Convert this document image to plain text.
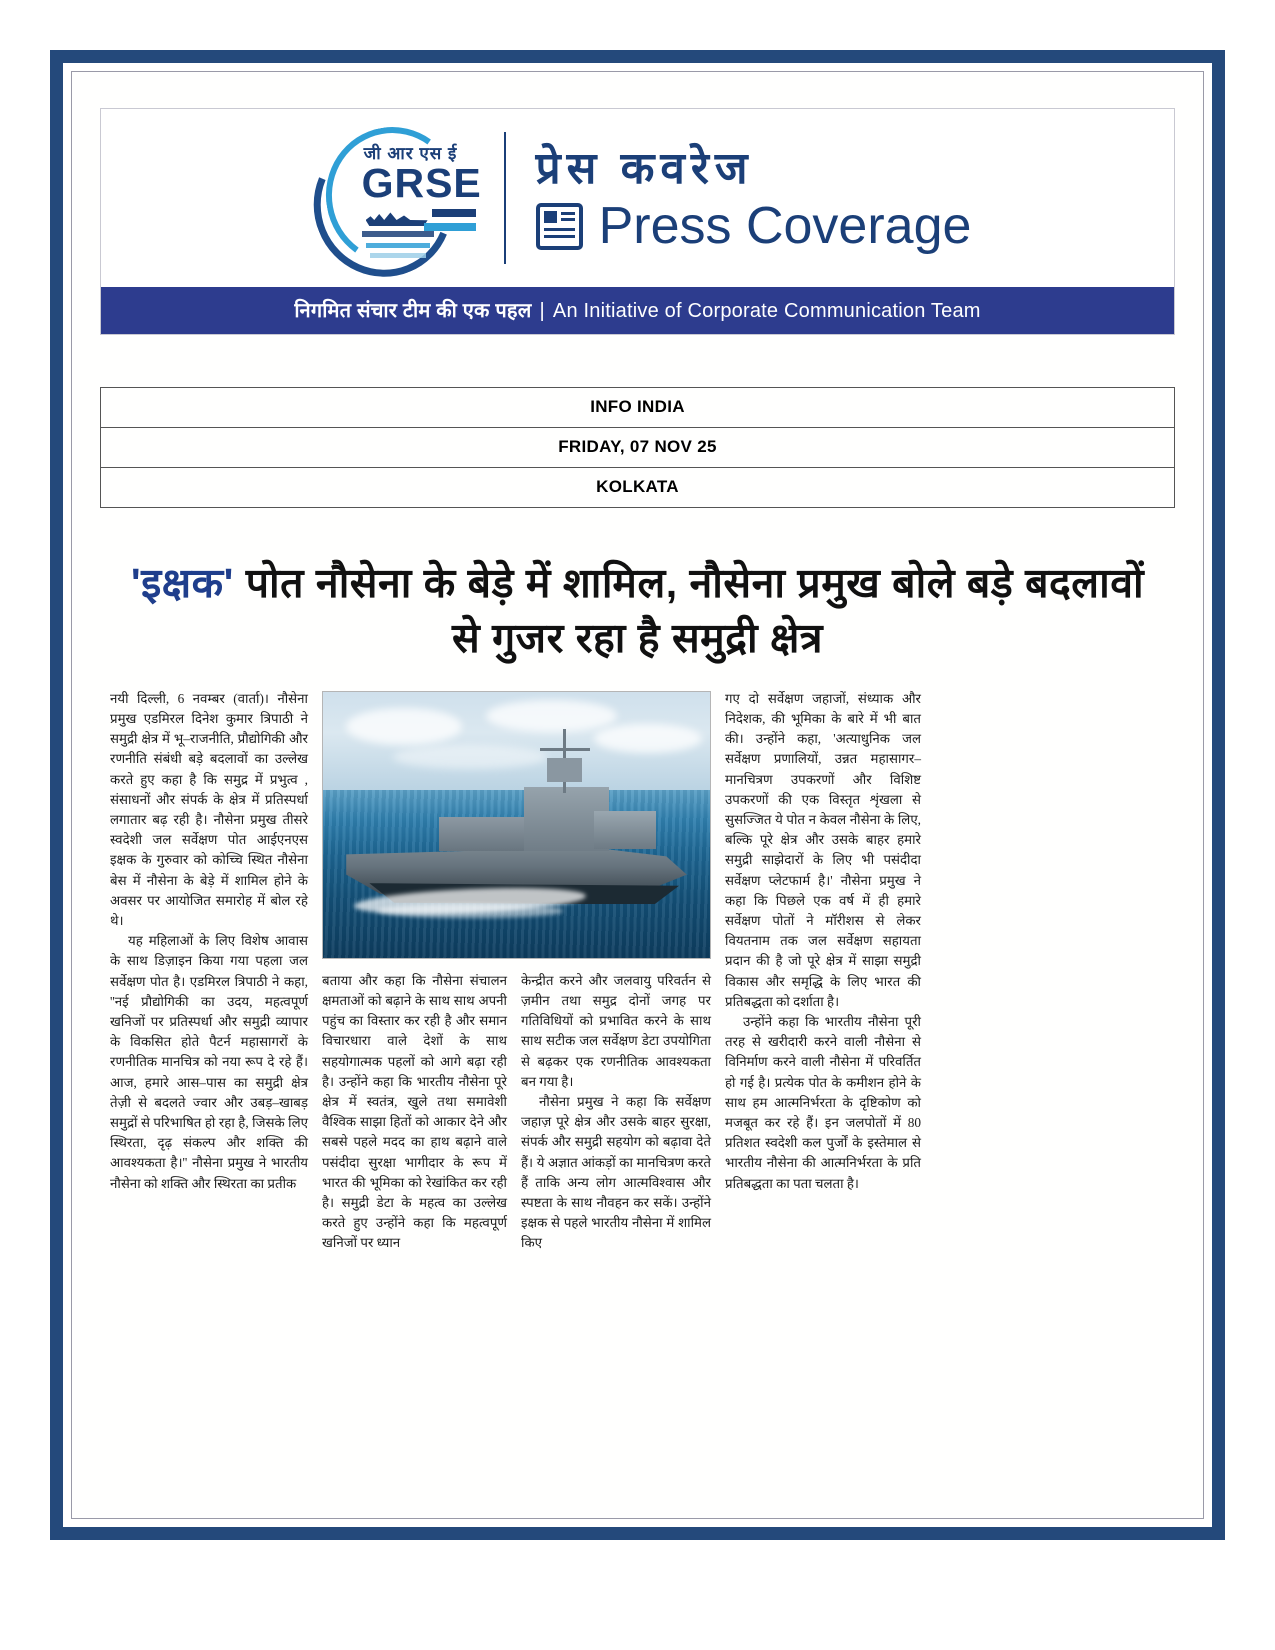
जी आर एस ई
GRSE प्रेस कवरेज
Press Coverage
निगमित संचार टीम की एक पहल | An Initiative of Corporate Communication Team
INFO INDIA
FRIDAY, 07 NOV 25
KOLKATA
'इक्षक' पोत नौसेना के बेड़े में शामिल, नौसेना प्रमुख बोले बड़े बदलावों से गुजर रहा है समुद्री क्षेत्र

नयी दिल्ली, 6 नवम्बर (वार्ता)। नौसेना प्रमुख एडमिरल दिनेश कुमार त्रिपाठी ने समुद्री क्षेत्र में भू–राजनीति, प्रौद्योगिकी और रणनीति संबंधी बड़े बदलावों का उल्लेख करते हुए कहा है कि समुद्र में प्रभुत्व , संसाधनों और संपर्क के क्षेत्र में प्रतिस्पर्धा लगातार बढ़ रही है। नौसेना प्रमुख तीसरे स्वदेशी जल सर्वेक्षण पोत आईएनएस इक्षक के गुरुवार को कोच्चि स्थित नौसेना बेस में नौसेना के बेड़े में शामिल होने के अवसर पर आयोजित समारोह में बोल रहे थे।

यह महिलाओं के लिए विशेष आवास के साथ डिज़ाइन किया गया पहला जल सर्वेक्षण पोत है। एडमिरल त्रिपाठी ने कहा, ''नई प्रौद्योगिकी का उदय, महत्वपूर्ण खनिजों पर प्रतिस्पर्धा और समुद्री व्यापार के विकसित होते पैटर्न महासागरों के रणनीतिक मानचित्र को नया रूप दे रहे हैं। आज, हमारे आस–पास का समुद्री क्षेत्र तेज़ी से बदलते ज्वार और उबड़–खाबड़ समुद्रों से परिभाषित हो रहा है, जिसके लिए स्थिरता, दृढ़ संकल्प और शक्ति की आवश्यकता है।'' नौसेना प्रमुख ने भारतीय नौसेना को शक्ति और स्थिरता का प्रतीक

बताया और कहा कि नौसेना संचालन क्षमताओं को बढ़ाने के साथ साथ अपनी पहुंच का विस्तार कर रही है और समान विचारधारा वाले देशों के साथ सहयोगात्मक पहलों को आगे बढ़ा रही है। उन्होंने कहा कि भारतीय नौसेना पूरे क्षेत्र में स्वतंत्र, खुले तथा समावेशी वैश्विक साझा हितों को आकार देने और सबसे पहले मदद का हाथ बढ़ाने वाले पसंदीदा सुरक्षा भागीदार के रूप में भारत की भूमिका को रेखांकित कर रही है। समुद्री डेटा के महत्व का उल्लेख करते हुए उन्होंने कहा कि महत्वपूर्ण खनिजों पर ध्यान

केन्द्रीत करने और जलवायु परिवर्तन से ज़मीन तथा समुद्र दोनों जगह पर गतिविधियों को प्रभावित करने के साथ साथ सटीक जल सर्वेक्षण डेटा उपयोगिता से बढ़कर एक रणनीतिक आवश्यकता बन गया है।

नौसेना प्रमुख ने कहा कि सर्वेक्षण जहाज़ पूरे क्षेत्र और उसके बाहर सुरक्षा, संपर्क और समुद्री सहयोग को बढ़ावा देते हैं। ये अज्ञात आंकड़ों का मानचित्रण करते हैं ताकि अन्य लोग आत्मविश्वास और स्पष्टता के साथ नौवहन कर सकें। उन्होंने इक्षक से पहले भारतीय नौसेना में शामिल किए

गए दो सर्वेक्षण जहाजों, संध्याक और निदेशक, की भूमिका के बारे में भी बात की। उन्होंने कहा, 'अत्याधुनिक जल सर्वेक्षण प्रणालियों, उन्नत महासागर–मानचित्रण उपकरणों और विशिष्ट उपकरणों की एक विस्तृत शृंखला से सुसज्जित ये पोत न केवल नौसेना के लिए, बल्कि पूरे क्षेत्र और उसके बाहर हमारे समुद्री साझेदारों के लिए भी पसंदीदा सर्वेक्षण प्लेटफार्म है।' नौसेना प्रमुख ने कहा कि पिछले एक वर्ष में ही हमारे सर्वेक्षण पोतों ने मॉरीशस से लेकर वियतनाम तक जल सर्वेक्षण सहायता प्रदान की है जो पूरे क्षेत्र में साझा समुद्री विकास और समृद्धि के लिए भारत की प्रतिबद्धता को दर्शाता है।

उन्होंने कहा कि भारतीय नौसेना पूरी तरह से खरीदारी करने वाली नौसेना से विनिर्माण करने वाली नौसेना में परिवर्तित हो गई है। प्रत्येक पोत के कमीशन होने के साथ हम आत्मनिर्भरता के दृष्टिकोण को मजबूत कर रहे हैं। इन जलपोतों में 80 प्रतिशत स्वदेशी कल पुर्जों के इस्तेमाल से भारतीय नौसेना की आत्मनिर्भरता के प्रति प्रतिबद्धता का पता चलता है।
